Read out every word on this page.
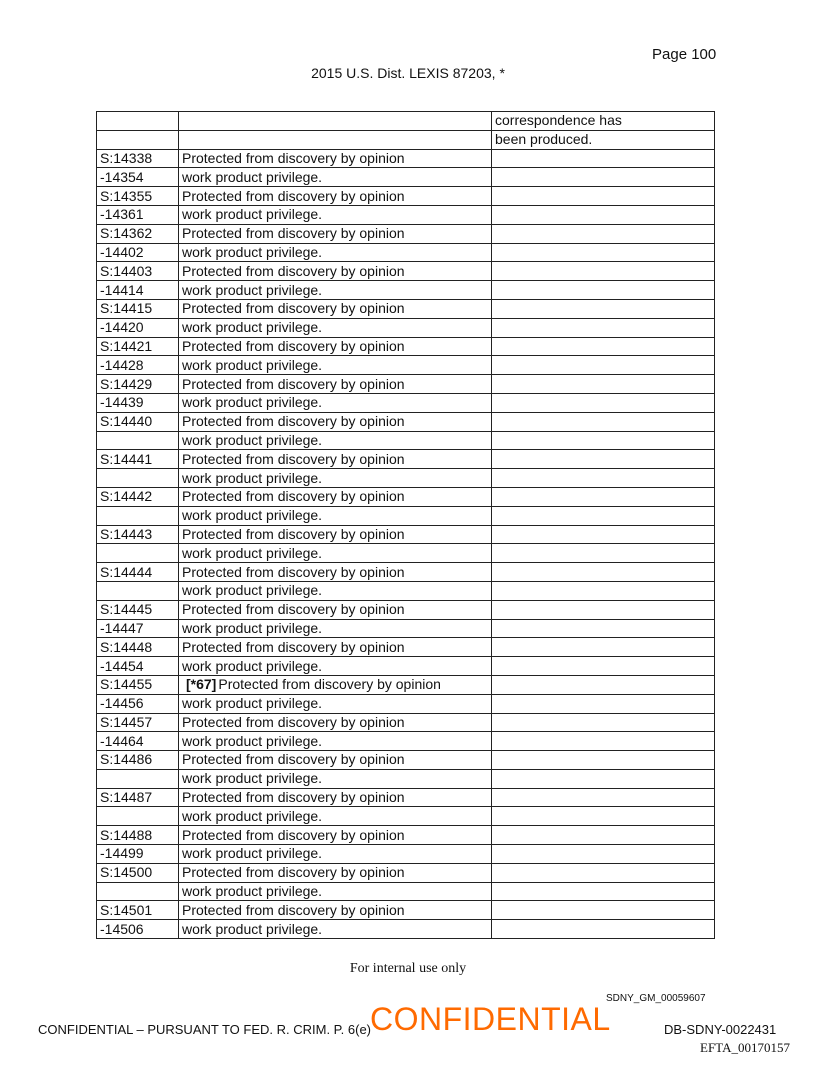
Page 100
2015 U.S. Dist. LEXIS 87203, *
		correspondence has
		been produced.
S:14338	Protected from discovery by opinion	
-14354	work product privilege.	
S:14355	Protected from discovery by opinion	
-14361	work product privilege.	
S:14362	Protected from discovery by opinion	
-14402	work product privilege.	
S:14403	Protected from discovery by opinion	
-14414	work product privilege.	
S:14415	Protected from discovery by opinion	
-14420	work product privilege.	
S:14421	Protected from discovery by opinion	
-14428	work product privilege.	
S:14429	Protected from discovery by opinion	
-14439	work product privilege.	
S:14440	Protected from discovery by opinion	
	work product privilege.	
S:14441	Protected from discovery by opinion	
	work product privilege.	
S:14442	Protected from discovery by opinion	
	work product privilege.	
S:14443	Protected from discovery by opinion	
	work product privilege.	
S:14444	Protected from discovery by opinion	
	work product privilege.	
S:14445	Protected from discovery by opinion	
-14447	work product privilege.	
S:14448	Protected from discovery by opinion	
-14454	work product privilege.	
S:14455	[*67] Protected from discovery by opinion	
-14456	work product privilege.	
S:14457	Protected from discovery by opinion	
-14464	work product privilege.	
S:14486	Protected from discovery by opinion	
	work product privilege.	
S:14487	Protected from discovery by opinion	
	work product privilege.	
S:14488	Protected from discovery by opinion	
-14499	work product privilege.	
S:14500	Protected from discovery by opinion	
	work product privilege.	
S:14501	Protected from discovery by opinion	
-14506	work product privilege.	
For internal use only
SDNY_GM_00059607
CONFIDENTIAL – PURSUANT TO FED. R. CRIM. P. 6(e)
CONFIDENTIAL	DB-SDNY-0022431
EFTA_00170157
